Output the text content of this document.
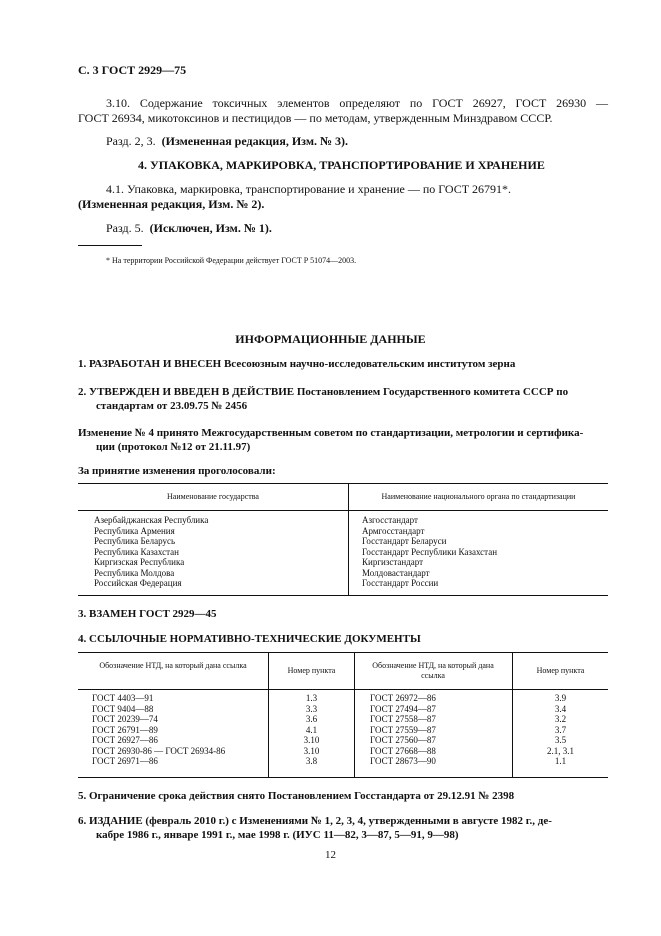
С. 3 ГОСТ 2929—75
3.10. Содержание токсичных элементов определяют по ГОСТ 26927, ГОСТ 26930 —
ГОСТ 26934, микотоксинов и пестицидов — по методам, утвержденным Минздравом СССР.
Разд. 2, 3. (Измененная редакция, Изм. № 3).
4. УПАКОВКА, МАРКИРОВКА, ТРАНСПОРТИРОВАНИЕ И ХРАНЕНИЕ
4.1. Упаковка, маркировка, транспортирование и хранение — по ГОСТ 26791*.
(Измененная редакция, Изм. № 2).
Разд. 5. (Исключен, Изм. № 1).
* На территории Российской Федерации действует ГОСТ Р 51074—2003.
ИНФОРМАЦИОННЫЕ ДАННЫЕ
1. РАЗРАБОТАН И ВНЕСЕН Всесоюзным научно-исследовательским институтом зерна
2. УТВЕРЖДЕН И ВВЕДЕН В ДЕЙСТВИЕ Постановлением Государственного комитета СССР по
стандартам от 23.09.75 № 2456
Изменение № 4 принято Межгосударственным советом по стандартизации, метрологии и сертифика-
ции (протокол №12 от 21.11.97)
За принятие изменения проголосовали:
Наименование государства	Наименование национального органа по стандартизации
Азербайджанская Республика
Республика Армения
Республика Беларусь
Республика Казахстан
Киргизская Республика
Республика Молдова
Российская Федерация
Азгосстандарт
Армгосстандарт
Госстандарт Беларуси
Госстандарт Республики Казахстан
Киргизстандарт
Молдовастандарт
Госстандарт России
3. ВЗАМЕН ГОСТ 2929—45
4. ССЫЛОЧНЫЕ НОРМАТИВНО-ТЕХНИЧЕСКИЕ ДОКУМЕНТЫ
Обозначение НТД, на который дана ссылка
Номер пункта
Обозначение НТД, на который дана ссылка
Номер пункта
ГОСТ 4403—91
ГОСТ 9404—88
ГОСТ 20239—74
ГОСТ 26791—89
ГОСТ 26927—86
ГОСТ 26930-86 — ГОСТ 26934-86
ГОСТ 26971—86
1.3
3.3
3.6
4.1
3.10
3.10
3.8
ГОСТ 26972—86
ГОСТ 27494—87
ГОСТ 27558—87
ГОСТ 27559—87
ГОСТ 27560—87
ГОСТ 27668—88
ГОСТ 28673—90
3.9
3.4
3.2
3.7
3.5
2.1, 3.1
1.1
5. Ограничение срока действия снято Постановлением Госстандарта от 29.12.91 № 2398
6. ИЗДАНИЕ (февраль 2010 г.) с Изменениями № 1, 2, 3, 4, утвержденными в августе 1982 г., де-
кабре 1986 г., январе 1991 г., мае 1998 г. (ИУС 11—82, 3—87, 5—91, 9—98)
12
